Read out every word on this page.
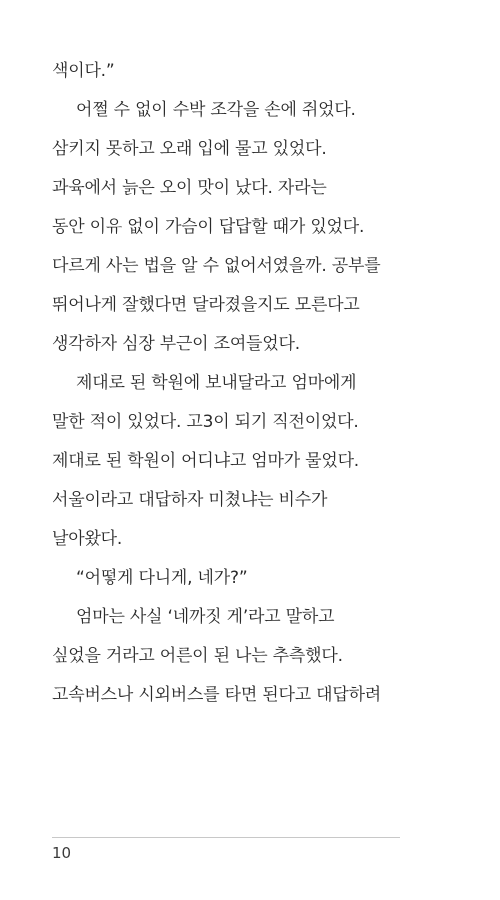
색이다.”
어쩔 수 없이 수박 조각을 손에 쥐었다.
삼키지 못하고 오래 입에 물고 있었다.
과육에서 늙은 오이 맛이 났다. 자라는
동안 이유 없이 가슴이 답답할 때가 있었다.
다르게 사는 법을 알 수 없어서였을까. 공부를
뛰어나게 잘했다면 달라졌을지도 모른다고
생각하자 심장 부근이 조여들었다.
제대로 된 학원에 보내달라고 엄마에게
말한 적이 있었다. 고3이 되기 직전이었다.
제대로 된 학원이 어디냐고 엄마가 물었다.
서울이라고 대답하자 미쳤냐는 비수가
날아왔다.
“어떻게 다니게, 네가?”
엄마는 사실 ‘네까짓 게’라고 말하고
싶었을 거라고 어른이 된 나는 추측했다.
고속버스나 시외버스를 타면 된다고 대답하려
10
